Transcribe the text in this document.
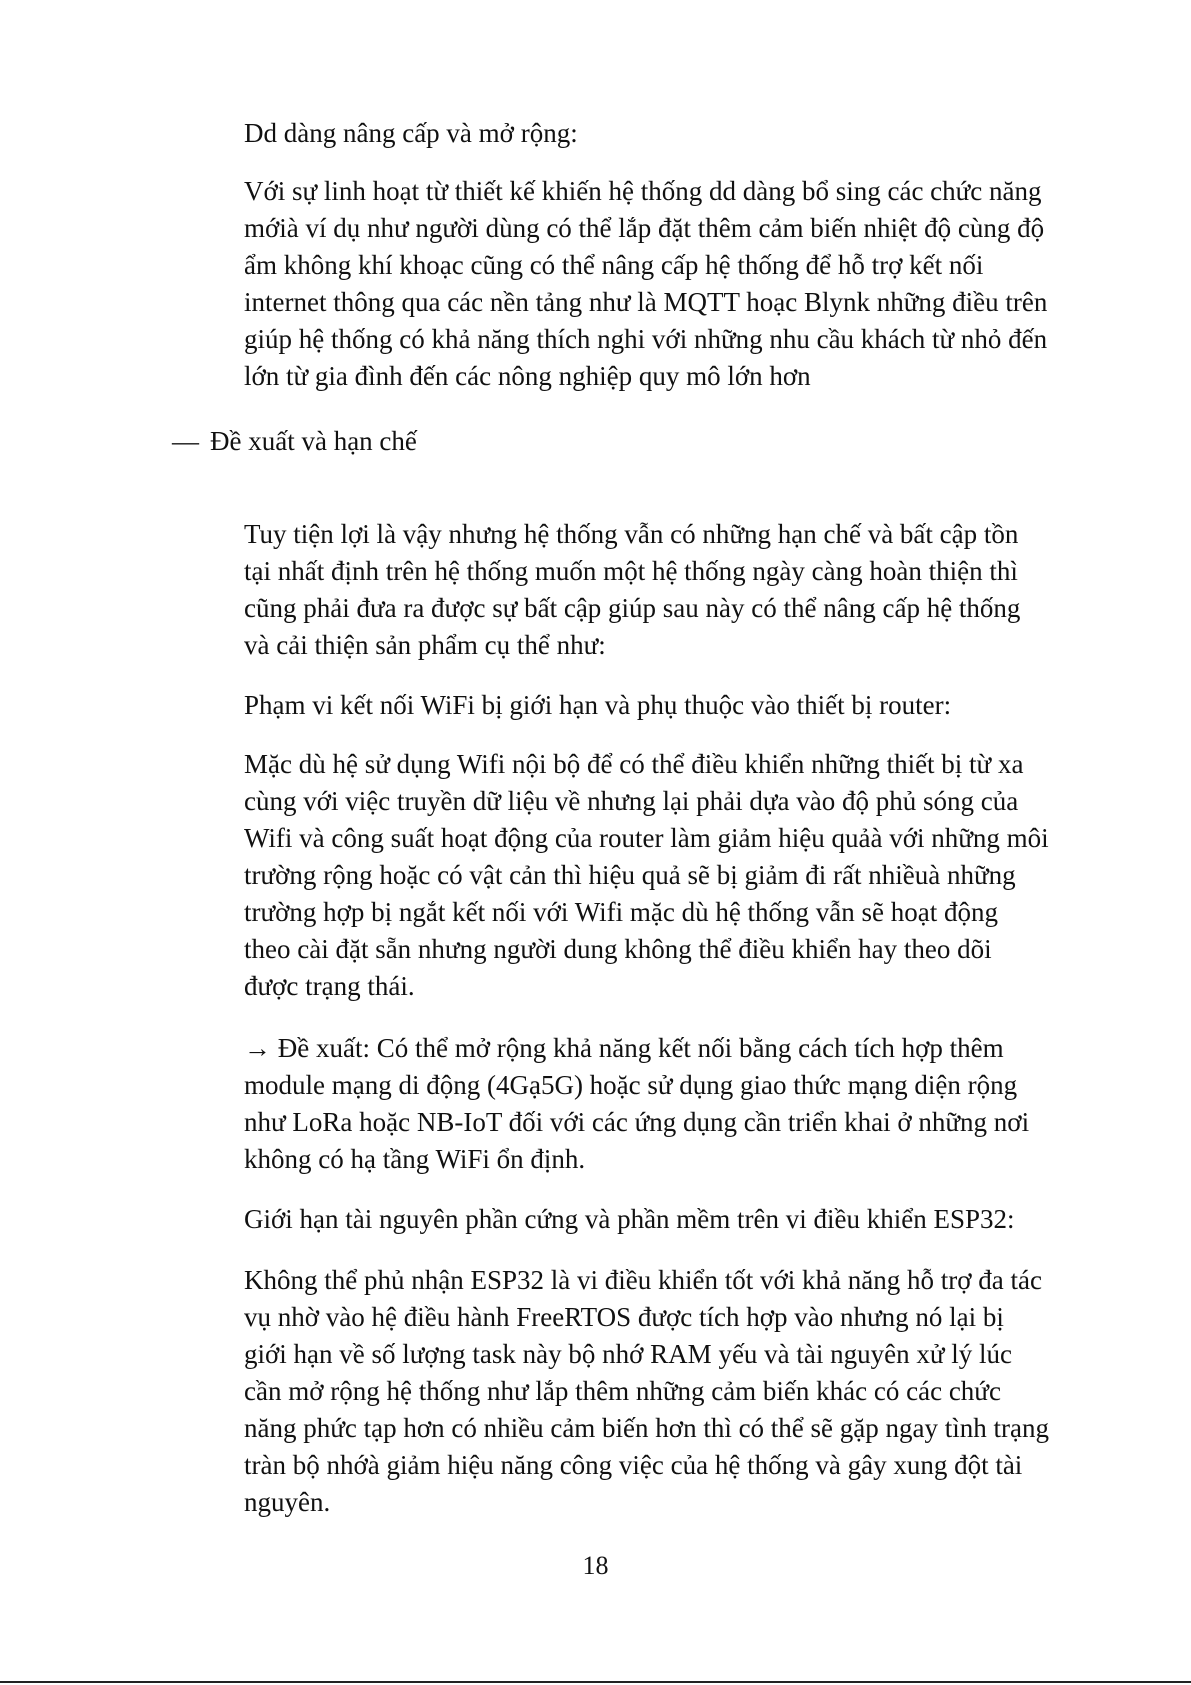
Dd dàng nâng cấp và mở rộng:

Với sự linh hoạt từ thiết kế khiến hệ thống dd dàng bổ sing các chức năng
mớià ví dụ như người dùng có thể lắp đặt thêm cảm biến nhiệt độ cùng độ
ẩm không khí khoạc cũng có thể nâng cấp hệ thống để hỗ trợ kết nối
internet thông qua các nền tảng như là MQTT hoạc Blynk những điều trên
giúp hệ thống có khả năng thích nghi với những nhu cầu khách từ nhỏ đến
lớn từ gia đình đến các nông nghiệp quy mô lớn hơn

— Đề xuất và hạn chế

Tuy tiện lợi là vậy nhưng hệ thống vẫn có những hạn chế và bất cập tồn
tại nhất định trên hệ thống muốn một hệ thống ngày càng hoàn thiện thì
cũng phải đưa ra được sự bất cập giúp sau này có thể nâng cấp hệ thống
và cải thiện sản phẩm cụ thể như:

Phạm vi kết nối WiFi bị giới hạn và phụ thuộc vào thiết bị router:

Mặc dù hệ sử dụng Wifi nội bộ để có thể điều khiển những thiết bị từ xa
cùng với việc truyền dữ liệu về nhưng lại phải dựa vào độ phủ sóng của
Wifi và công suất hoạt động của router làm giảm hiệu quảà với những môi
trường rộng hoặc có vật cản thì hiệu quả sẽ bị giảm đi rất nhiềuà những
trường hợp bị ngắt kết nối với Wifi mặc dù hệ thống vẫn sẽ hoạt động
theo cài đặt sẵn nhưng người dung không thể điều khiển hay theo dõi
được trạng thái.

→ Đề xuất: Có thể mở rộng khả năng kết nối bằng cách tích hợp thêm
module mạng di động (4Gạ5G) hoặc sử dụng giao thức mạng diện rộng
như LoRa hoặc NB-IoT đối với các ứng dụng cần triển khai ở những nơi
không có hạ tầng WiFi ổn định.

Giới hạn tài nguyên phần cứng và phần mềm trên vi điều khiển ESP32:

Không thể phủ nhận ESP32 là vi điều khiển tốt với khả năng hỗ trợ đa tác
vụ nhờ vào hệ điều hành FreeRTOS được tích hợp vào nhưng nó lại bị
giới hạn về số lượng task này bộ nhớ RAM yếu và tài nguyên xử lý lúc
cần mở rộng hệ thống như lắp thêm những cảm biến khác có các chức
năng phức tạp hơn có nhiều cảm biến hơn thì có thể sẽ gặp ngay tình trạng
tràn bộ nhớà giảm hiệu năng công việc của hệ thống và gây xung đột tài
nguyên.

18
